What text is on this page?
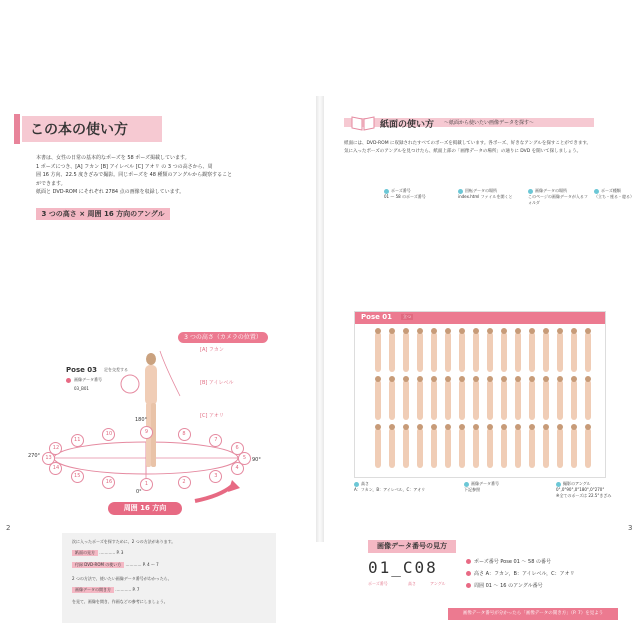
この本の使い方
本書は、女性の日常の基本的なポーズを 58 ポーズ掲載しています。
1 ポーズにつき、[A] フカン [B] アイレベル [C] アオリ の 3 つの高さから、周
囲 16 方向、22.5 度きざみで撮影。同じポーズを 48 種類のアングルから観察すること
ができます。
紙面と DVD-ROM にそれぞれ 2784 点の画像を収録しています。
3 つの高さ × 周囲 16 方向のアングル
3 つの高さ（カメラの位置）
[A] フカン
[B] アイレベル
[C] アオリ
Pose 03 足を交差する
画像データ番号
03_B01
180°
270°
90°
0°
1	2
3
4
5
6
7
8
9
10
11
12
13
14
15
16
周囲 16 方向
次に入ったポーズを探すために、2 つの方法があります。
紙面の見方 ………… P. 3
付録 DVD-ROM の使い方 ………… P. 4 ～ 7
2 つの方法で、使いたい画像データ番号がわかったら、
画像データの開き方 ………… P. 7
を見て、画像を開き、作画などの参考にしましょう。
2
紙面の使い方 ～紙面から使いたい画像データを探す～
紙面には、DVD-ROM に収録されたすべてのポーズを掲載しています。各ポーズ、好きなアングルを探すことができます。
気に入ったポーズのアングルを見つけたら、紙面上部の「画像データの場所」の通りに DVD を開いて探しましょう。
ポーズ番号
01 ～ 58 のポーズ番号
回転データの場所
index.html ファイルを開くと
画像データの場所
このページの画像データが入るフォルダ
ポーズ種類
（立ち・座る・寝る）
Pose 01	立つ
高さ
A：フカン，B：アイレベル，C：アオリ
画像データ番号
下記参照
撮影のアングル
0°,0°90°,0°180°,0°270°
※全てのポーズは 22.5°きざみ
画像データ番号の見方
01_C08
ポーズ番号	高さ	アングル
ポーズ番号 Pose 01 ～ 58 の番号
高さ A：フカン，B：アイレベル，C：アオリ
周囲 01 ～ 16 のアングル番号
画像データ番号が分かったら「画像データの開き方」（P. 7）を見よう
3
